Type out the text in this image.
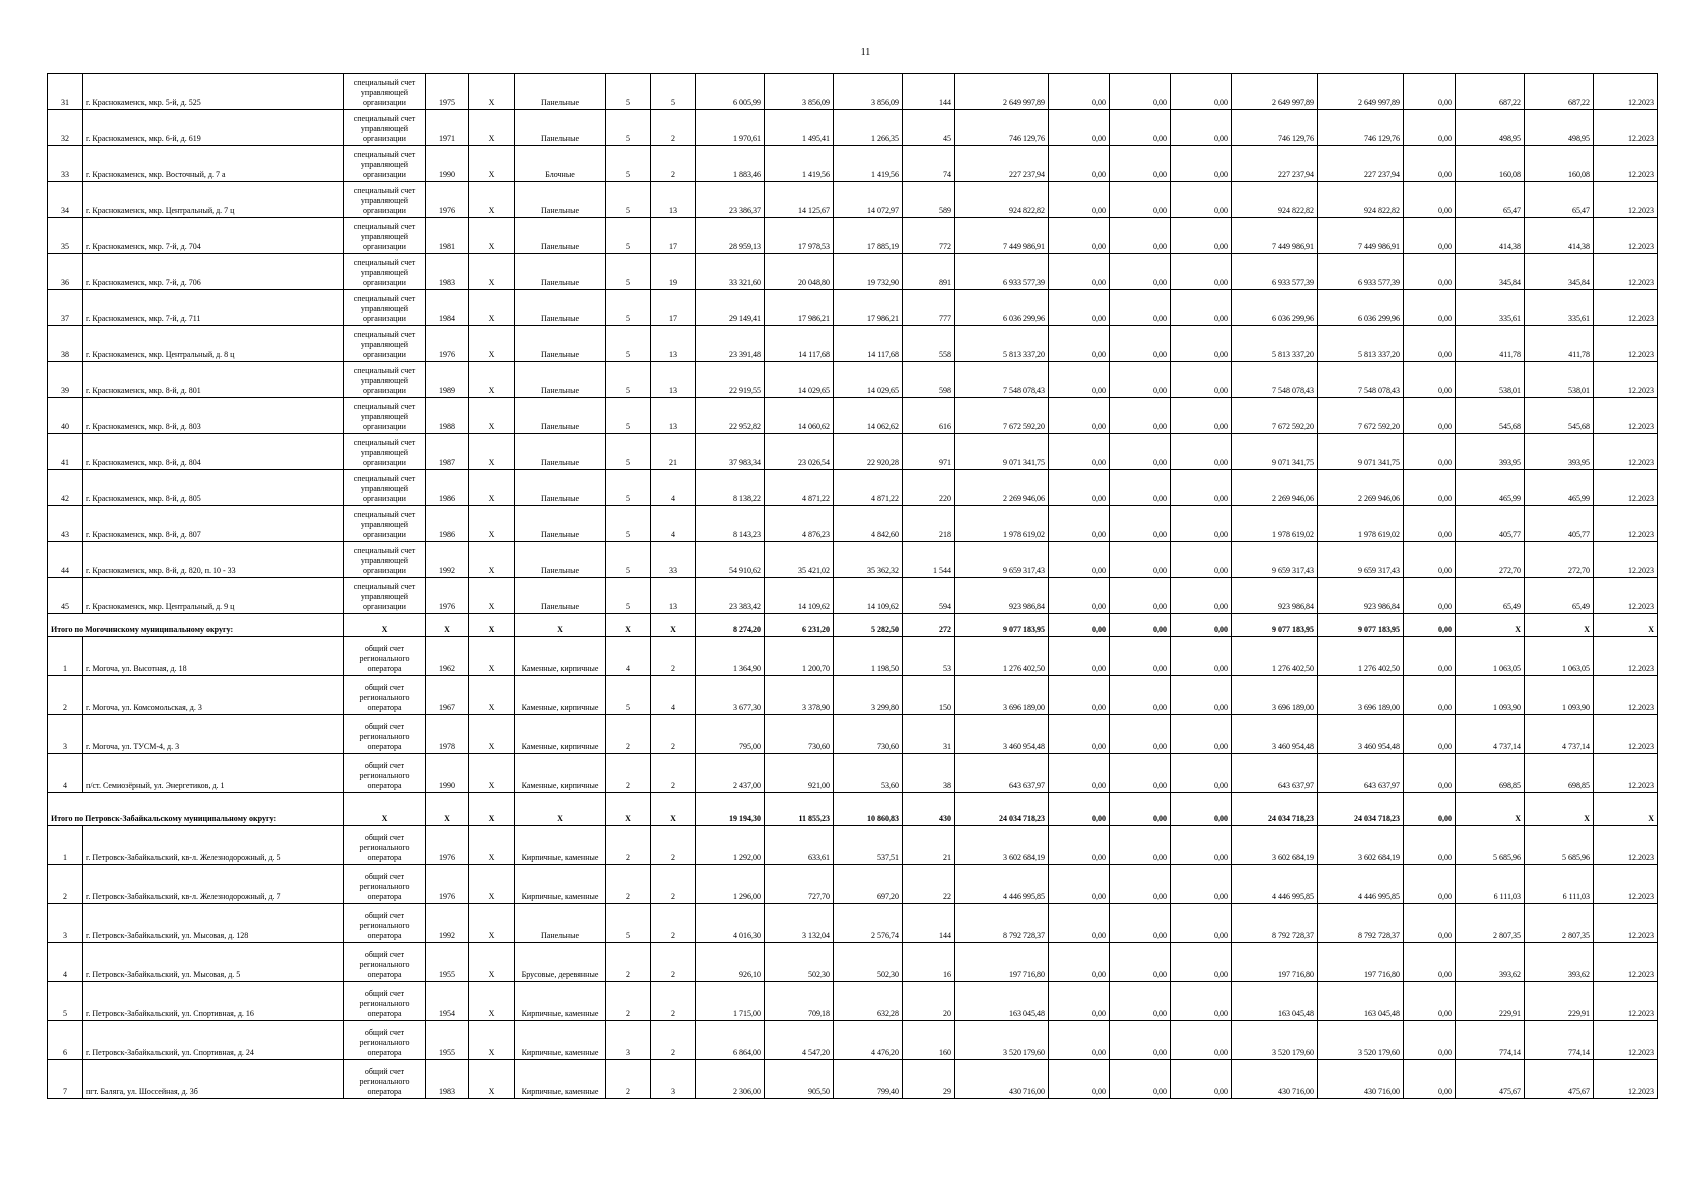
11
31	г. Краснокаменск, мкр. 5-й, д. 525	специальный счет управляющей организации	1975	Х	Панельные	5	5	6 005,99	3 856,09	3 856,09	144	2 649 997,89	0,00	0,00	0,00	2 649 997,89	2 649 997,89	0,00	687,22	687,22	12.2023
32	г. Краснокаменск, мкр. 6-й, д. 619	специальный счет управляющей организации	1971	Х	Панельные	5	2	1 970,61	1 495,41	1 266,35	45	746 129,76	0,00	0,00	0,00	746 129,76	746 129,76	0,00	498,95	498,95	12.2023
33	г. Краснокаменск, мкр. Восточный, д. 7 а	специальный счет управляющей организации	1990	Х	Блочные	5	2	1 883,46	1 419,56	1 419,56	74	227 237,94	0,00	0,00	0,00	227 237,94	227 237,94	0,00	160,08	160,08	12.2023
34	г. Краснокаменск, мкр. Центральный, д. 7 ц	специальный счет управляющей организации	1976	Х	Панельные	5	13	23 386,37	14 125,67	14 072,97	589	924 822,82	0,00	0,00	0,00	924 822,82	924 822,82	0,00	65,47	65,47	12.2023
35	г. Краснокаменск, мкр. 7-й, д. 704	специальный счет управляющей организации	1981	Х	Панельные	5	17	28 959,13	17 978,53	17 885,19	772	7 449 986,91	0,00	0,00	0,00	7 449 986,91	7 449 986,91	0,00	414,38	414,38	12.2023
36	г. Краснокаменск, мкр. 7-й, д. 706	специальный счет управляющей организации	1983	Х	Панельные	5	19	33 321,60	20 048,80	19 732,90	891	6 933 577,39	0,00	0,00	0,00	6 933 577,39	6 933 577,39	0,00	345,84	345,84	12.2023
37	г. Краснокаменск, мкр. 7-й, д. 711	специальный счет управляющей организации	1984	Х	Панельные	5	17	29 149,41	17 986,21	17 986,21	777	6 036 299,96	0,00	0,00	0,00	6 036 299,96	6 036 299,96	0,00	335,61	335,61	12.2023
38	г. Краснокаменск, мкр. Центральный, д. 8 ц	специальный счет управляющей организации	1976	Х	Панельные	5	13	23 391,48	14 117,68	14 117,68	558	5 813 337,20	0,00	0,00	0,00	5 813 337,20	5 813 337,20	0,00	411,78	411,78	12.2023
39	г. Краснокаменск, мкр. 8-й, д. 801	специальный счет управляющей организации	1989	Х	Панельные	5	13	22 919,55	14 029,65	14 029,65	598	7 548 078,43	0,00	0,00	0,00	7 548 078,43	7 548 078,43	0,00	538,01	538,01	12.2023
40	г. Краснокаменск, мкр. 8-й, д. 803	специальный счет управляющей организации	1988	Х	Панельные	5	13	22 952,82	14 060,62	14 062,62	616	7 672 592,20	0,00	0,00	0,00	7 672 592,20	7 672 592,20	0,00	545,68	545,68	12.2023
41	г. Краснокаменск, мкр. 8-й, д. 804	специальный счет управляющей организации	1987	Х	Панельные	5	21	37 983,34	23 026,54	22 920,28	971	9 071 341,75	0,00	0,00	0,00	9 071 341,75	9 071 341,75	0,00	393,95	393,95	12.2023
42	г. Краснокаменск, мкр. 8-й, д. 805	специальный счет управляющей организации	1986	Х	Панельные	5	4	8 138,22	4 871,22	4 871,22	220	2 269 946,06	0,00	0,00	0,00	2 269 946,06	2 269 946,06	0,00	465,99	465,99	12.2023
43	г. Краснокаменск, мкр. 8-й, д. 807	специальный счет управляющей организации	1986	Х	Панельные	5	4	8 143,23	4 876,23	4 842,60	218	1 978 619,02	0,00	0,00	0,00	1 978 619,02	1 978 619,02	0,00	405,77	405,77	12.2023
44	г. Краснокаменск, мкр. 8-й, д. 820, п. 10 - 33	специальный счет управляющей организации	1992	Х	Панельные	5	33	54 910,62	35 421,02	35 362,32	1 544	9 659 317,43	0,00	0,00	0,00	9 659 317,43	9 659 317,43	0,00	272,70	272,70	12.2023
45	г. Краснокаменск, мкр. Центральный, д. 9 ц	специальный счет управляющей организации	1976	Х	Панельные	5	13	23 383,42	14 109,62	14 109,62	594	923 986,84	0,00	0,00	0,00	923 986,84	923 986,84	0,00	65,49	65,49	12.2023
Итого по Могочинскому муниципальному округу:		Х	Х	Х	Х	Х	Х	8 274,20	6 231,20	5 282,50	272	9 077 183,95	0,00	0,00	0,00	9 077 183,95	9 077 183,95	0,00	Х	Х	Х
1	г. Могоча, ул. Высотная, д. 18	общий счет регионального оператора	1962	Х	Каменные, кирпичные	4	2	1 364,90	1 200,70	1 198,50	53	1 276 402,50	0,00	0,00	0,00	1 276 402,50	1 276 402,50	0,00	1 063,05	1 063,05	12.2023
2	г. Могоча, ул. Комсомольская, д. 3	общий счет регионального оператора	1967	Х	Каменные, кирпичные	5	4	3 677,30	3 378,90	3 299,80	150	3 696 189,00	0,00	0,00	0,00	3 696 189,00	3 696 189,00	0,00	1 093,90	1 093,90	12.2023
3	г. Могоча, ул. ТУСМ-4, д. 3	общий счет регионального оператора	1978	Х	Каменные, кирпичные	2	2	795,00	730,60	730,60	31	3 460 954,48	0,00	0,00	0,00	3 460 954,48	3 460 954,48	0,00	4 737,14	4 737,14	12.2023
4	п/ст. Семиозёрный, ул. Энергетиков, д. 1	общий счет регионального оператора	1990	Х	Каменные, кирпичные	2	2	2 437,00	921,00	53,60	38	643 637,97	0,00	0,00	0,00	643 637,97	643 637,97	0,00	698,85	698,85	12.2023
Итого по Петровск-Забайкальскому муниципальному округу:		Х	Х	Х	Х	Х	Х	19 194,30	11 855,23	10 860,83	430	24 034 718,23	0,00	0,00	0,00	24 034 718,23	24 034 718,23	0,00	Х	Х	Х
1	г. Петровск-Забайкальский, кв-л. Железнодорожный, д. 5	общий счет регионального оператора	1976	Х	Кирпичные, каменные	2	2	1 292,00	633,61	537,51	21	3 602 684,19	0,00	0,00	0,00	3 602 684,19	3 602 684,19	0,00	5 685,96	5 685,96	12.2023
2	г. Петровск-Забайкальский, кв-л. Железнодорожный, д. 7	общий счет регионального оператора	1976	Х	Кирпичные, каменные	2	2	1 296,00	727,70	697,20	22	4 446 995,85	0,00	0,00	0,00	4 446 995,85	4 446 995,85	0,00	6 111,03	6 111,03	12.2023
3	г. Петровск-Забайкальский, ул. Мысовая, д. 128	общий счет регионального оператора	1992	Х	Панельные	5	2	4 016,30	3 132,04	2 576,74	144	8 792 728,37	0,00	0,00	0,00	8 792 728,37	8 792 728,37	0,00	2 807,35	2 807,35	12.2023
4	г. Петровск-Забайкальский, ул. Мысовая, д. 5	общий счет регионального оператора	1955	Х	Брусовые, деревянные	2	2	926,10	502,30	502,30	16	197 716,80	0,00	0,00	0,00	197 716,80	197 716,80	0,00	393,62	393,62	12.2023
5	г. Петровск-Забайкальский, ул. Спортивная, д. 16	общий счет регионального оператора	1954	Х	Кирпичные, каменные	2	2	1 715,00	709,18	632,28	20	163 045,48	0,00	0,00	0,00	163 045,48	163 045,48	0,00	229,91	229,91	12.2023
6	г. Петровск-Забайкальский, ул. Спортивная, д. 24	общий счет регионального оператора	1955	Х	Кирпичные, каменные	3	2	6 864,00	4 547,20	4 476,20	160	3 520 179,60	0,00	0,00	0,00	3 520 179,60	3 520 179,60	0,00	774,14	774,14	12.2023
7	пгт. Балягa, ул. Шоссейная, д. 3б	общий счет регионального оператора	1983	Х	Кирпичные, каменные	2	3	2 306,00	905,50	799,40	29	430 716,00	0,00	0,00	0,00	430 716,00	430 716,00	0,00	475,67	475,67	12.2023
